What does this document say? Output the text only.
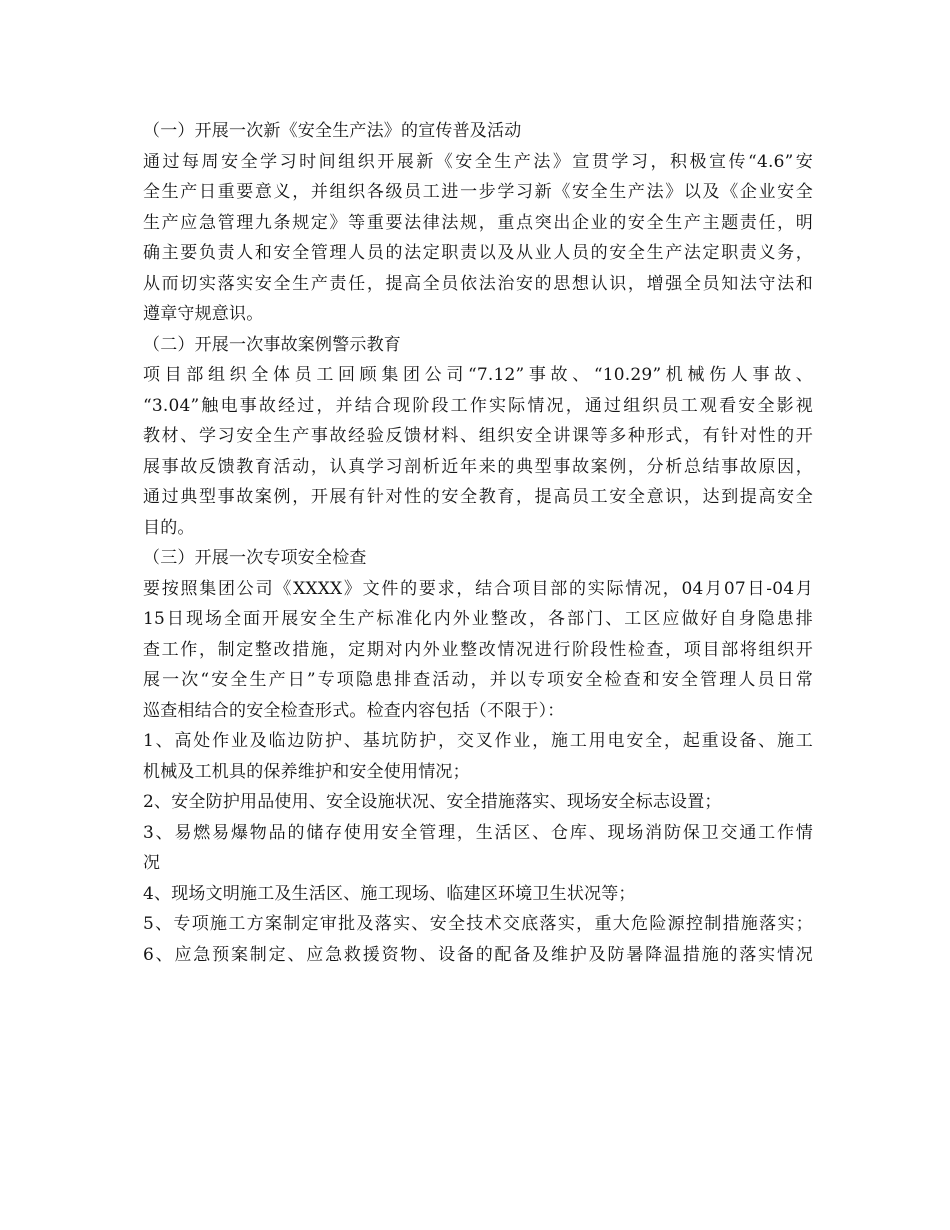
（一）开展一次新《安全生产法》的宣传普及活动
通过每周安全学习时间组织开展新《安全生产法》宣贯学习，积极宣传“4.6”安
全生产日重要意义，并组织各级员工进一步学习新《安全生产法》以及《企业安全
生产应急管理九条规定》等重要法律法规，重点突出企业的安全生产主题责任，明
确主要负责人和安全管理人员的法定职责以及从业人员的安全生产法定职责义务，
从而切实落实安全生产责任，提高全员依法治安的思想认识，增强全员知法守法和
遵章守规意识。
（二）开展一次事故案例警示教育
项目部组织全体员工回顾集团公司“7.12”事故、“10.29”机械伤人事故、
“3.04”触电事故经过，并结合现阶段工作实际情况，通过组织员工观看安全影视
教材、学习安全生产事故经验反馈材料、组织安全讲课等多种形式，有针对性的开
展事故反馈教育活动，认真学习剖析近年来的典型事故案例，分析总结事故原因，
通过典型事故案例，开展有针对性的安全教育，提高员工安全意识，达到提高安全
目的。
（三）开展一次专项安全检查
要按照集团公司《XXXX》文件的要求，结合项目部的实际情况，04月07日-04月
15日现场全面开展安全生产标准化内外业整改，各部门、工区应做好自身隐患排
查工作，制定整改措施，定期对内外业整改情况进行阶段性检查，项目部将组织开
展一次“安全生产日”专项隐患排查活动，并以专项安全检查和安全管理人员日常
巡查相结合的安全检查形式。检查内容包括（不限于）：
1、高处作业及临边防护、基坑防护，交叉作业，施工用电安全，起重设备、施工
机械及工机具的保养维护和安全使用情况；
2、安全防护用品使用、安全设施状况、安全措施落实、现场安全标志设置；
3、易燃易爆物品的储存使用安全管理，生活区、仓库、现场消防保卫交通工作情
况
4、现场文明施工及生活区、施工现场、临建区环境卫生状况等；
5、专项施工方案制定审批及落实、安全技术交底落实，重大危险源控制措施落实；
6、应急预案制定、应急救援资物、设备的配备及维护及防暑降温措施的落实情况
